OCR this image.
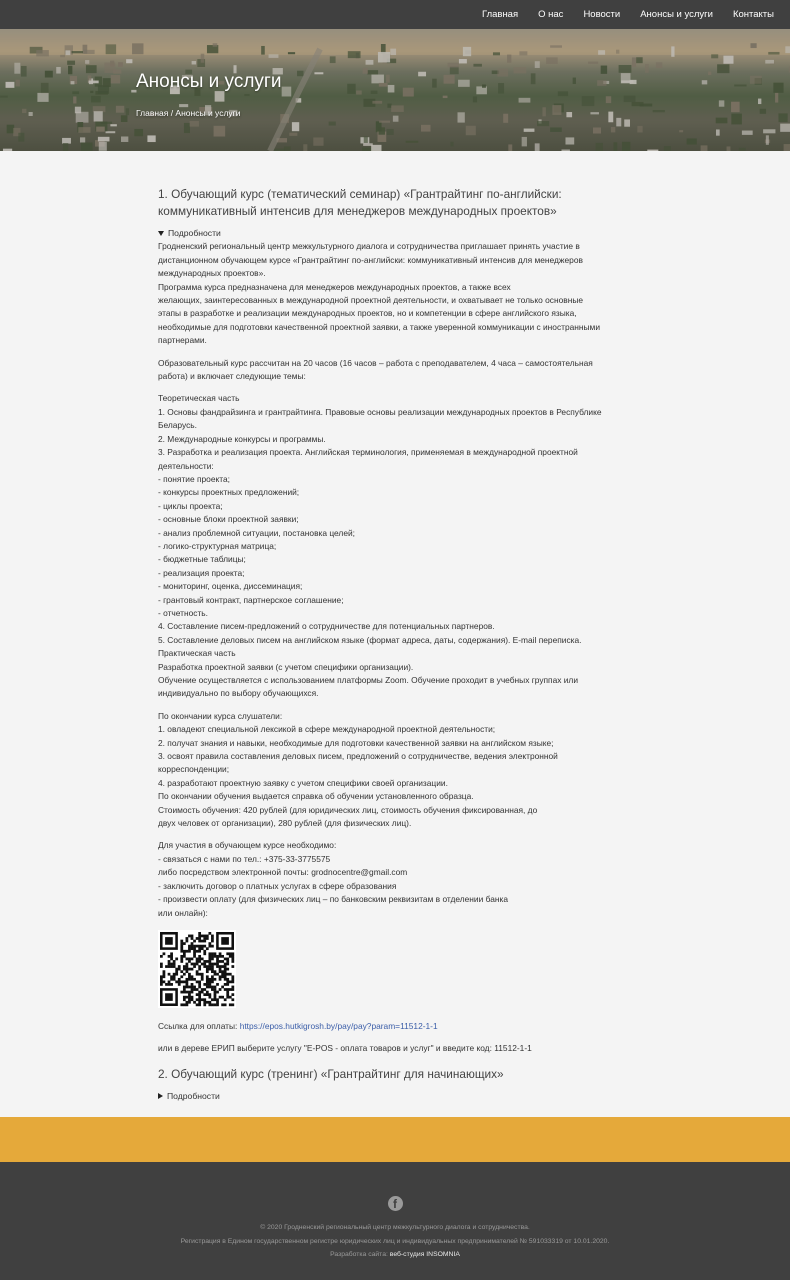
Главная О нас Новости Анонсы и услуги Контакты
Анонсы и услуги
Главная / Анонсы и услуги
1. Обучающий курс (тематический семинар) «Грантрайтинг по-английски: коммуникативный интенсив для менеджеров международных проектов»
Подробности
Гродненский региональный центр межкультурного диалога и сотрудничества приглашает принять участие в
дистанционном обучающем курсе «Грантрайтинг по-английски: коммуникативный интенсив для менеджеров
международных проектов».
Программа курса предназначена для менеджеров международных проектов, а также всех
желающих, заинтересованных в международной проектной деятельности, и охватывает не только основные
этапы в разработке и реализации международных проектов, но и компетенции в сфере английского языка,
необходимые для подготовки качественной проектной заявки, а также уверенной коммуникации с иностранными
партнерами.
Образовательный курс рассчитан на 20 часов (16 часов – работа с преподавателем, 4 часа – самостоятельная
работа) и включает следующие темы:
Теоретическая часть
1. Основы фандрайзинга и грантрайтинга. Правовые основы реализации международных проектов в Республике
Беларусь.
2. Международные конкурсы и программы.
3. Разработка и реализация проекта. Английская терминология, применяемая в международной проектной
деятельности:
- понятие проекта;
- конкурсы проектных предложений;
- циклы проекта;
- основные блоки проектной заявки;
- анализ проблемной ситуации, постановка целей;
- логико-структурная матрица;
- бюджетные таблицы;
- реализация проекта;
- мониторинг, оценка, диссеминация;
- грантовый контракт, партнерское соглашение;
- отчетность.
4. Составление писем-предложений о сотрудничестве для потенциальных партнеров.
5. Составление деловых писем на английском языке (формат адреса, даты, содержания). E-mail переписка.
Практическая часть
Разработка проектной заявки (с учетом специфики организации).
Обучение осуществляется с использованием платформы Zoom. Обучение проходит в учебных группах или
индивидуально по выбору обучающихся.
По окончании курса слушатели:
1. овладеют специальной лексикой в сфере международной проектной деятельности;
2. получат знания и навыки, необходимые для подготовки качественной заявки на английском языке;
3. освоят правила составления деловых писем, предложений о сотрудничестве, ведения электронной
корреспонденции;
4. разработают проектную заявку с учетом специфики своей организации.
По окончании обучения выдается справка об обучении установленного образца.
Стоимость обучения: 420 рублей (для юридических лиц, стоимость обучения фиксированная, до
двух человек от организации), 280 рублей (для физических лиц).
Для участия в обучающем курсе необходимо:
- связаться с нами по тел.: +375-33-3775575
либо посредством электронной почты: grodnocentre@gmail.com
- заключить договор о платных услугах в сфере образования
- произвести оплату (для физических лиц – по банковским реквизитам в отделении банка
или онлайн):

Ссылка для оплаты: https://epos.hutkigrosh.by/pay/pay?param=11512-1-1

или в дереве ЕРИП выберите услугу "E-POS - оплата товаров и услуг" и введите код: 11512-1-1

2. Обучающий курс (тренинг) «Грантрайтинг для начинающих»
Подробности
f
© 2020 Гродненский региональный центр межкультурного диалога и сотрудничества.
Регистрация в Едином государственном регистре юридических лиц и индивидуальных предпринимателей № 591033319 от 10.01.2020.
Разработка сайта: веб-студия INSOMNIA
